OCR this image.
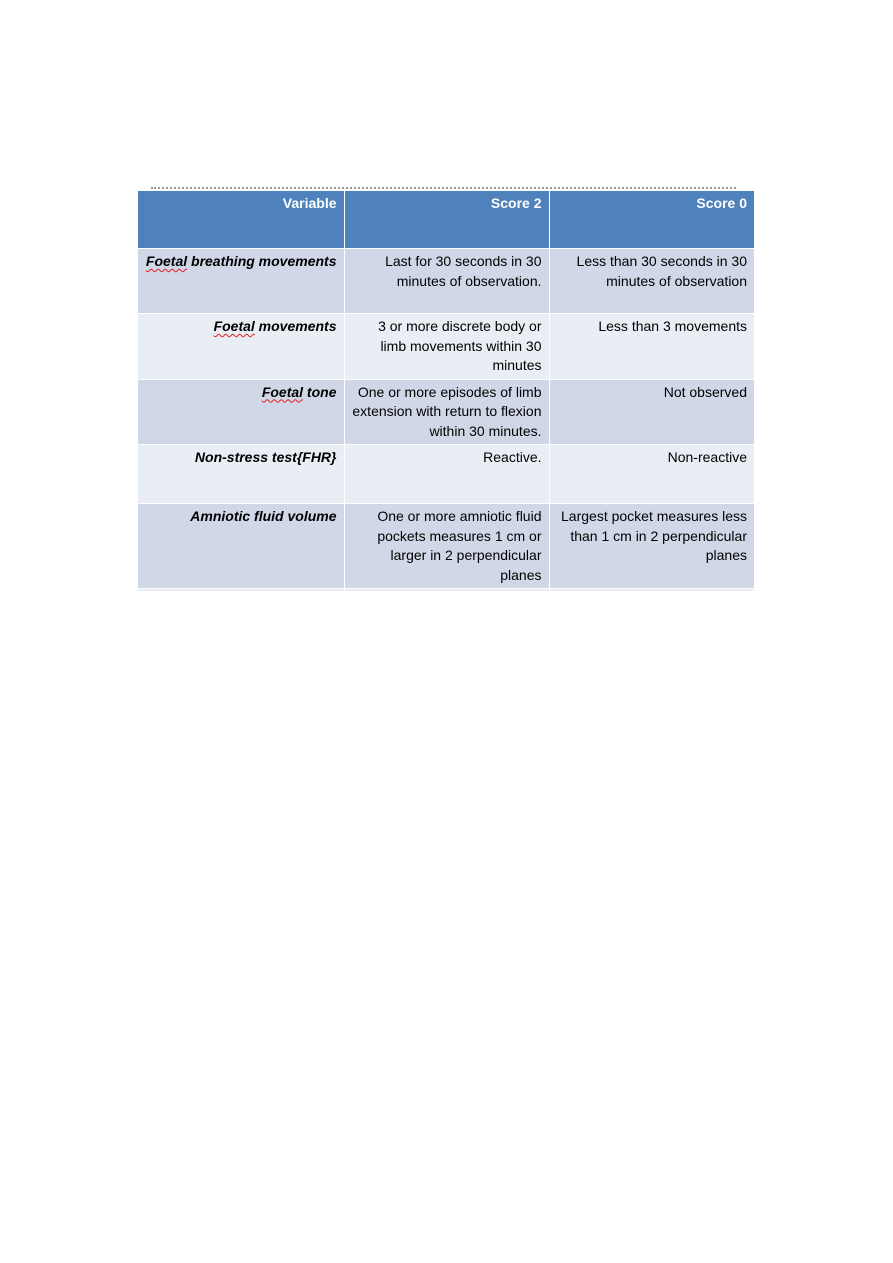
Variable	Score 2	Score 0
Foetal breathing movements	Last for 30 seconds in 30 minutes of observation.	Less than 30 seconds in 30 minutes of observation
Foetal movements	3 or more discrete body or limb movements within 30 minutes	Less than 3 movements
Foetal tone	One or more episodes of limb extension with return to flexion within 30 minutes.	Not observed
Non-stress test{FHR}	Reactive.	Non-reactive
Amniotic fluid volume	One or more amniotic fluid pockets measures 1 cm or larger in 2 perpendicular planes	Largest pocket measures less than 1 cm in 2 perpendicular planes
